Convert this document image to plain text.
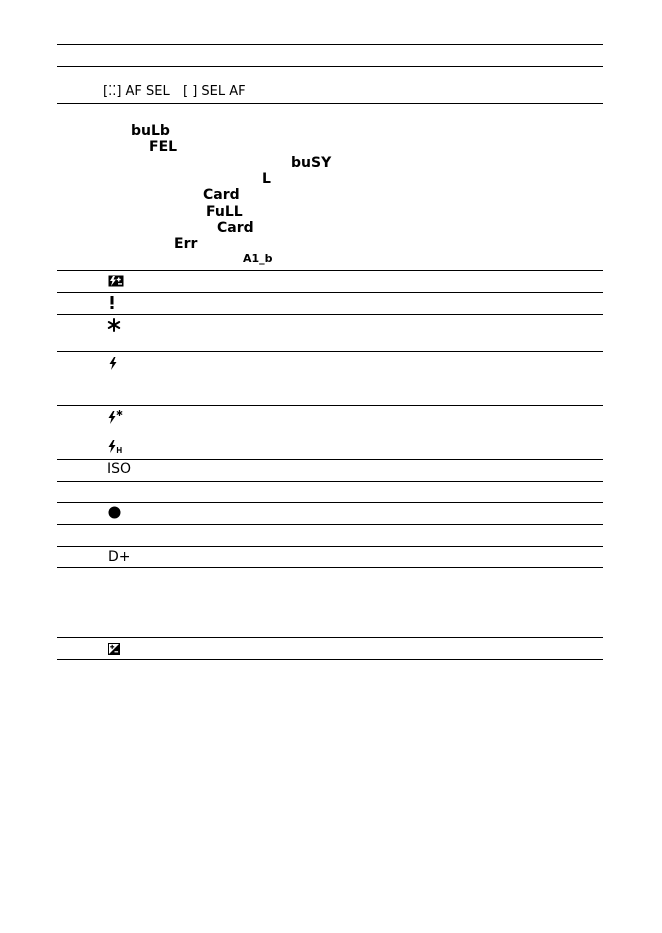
[⁚⁚] AF SEL [ ] SEL AF
buLb
FEL
buSY
L
Card
FuLL
Card
Err
A1_b
ISO
D+
